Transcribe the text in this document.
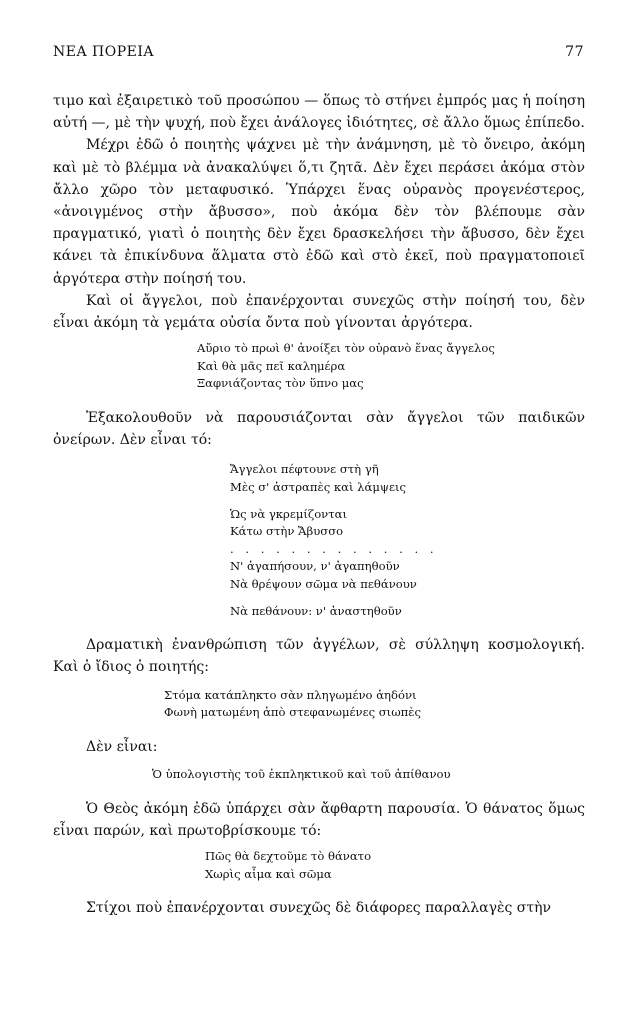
ΝΕΑ ΠΟΡΕΙΑ	77

τιμο καὶ ἐξαιρετικὸ τοῦ προσώπου — ὅπως τὸ στήνει ἐμπρός μας ἡ ποίηση αὐτή —, μὲ τὴν ψυχή, ποὺ ἔχει ἀνάλογες ἰδιότητες, σὲ ἄλλο ὅμως ἐπίπεδο.

Μέχρι ἐδῶ ὁ ποιητὴς ψάχνει μὲ τὴν ἀνάμνηση, μὲ τὸ ὄνειρο, ἀκόμη καὶ μὲ τὸ βλέμμα νὰ ἀνακαλύψει ὅ,τι ζητᾶ. Δὲν ἔχει περάσει ἀκόμα στὸν ἄλλο χῶρο τὸν μεταφυσικό. Ὑπάρχει ἕνας οὐρανὸς προγενέστερος, «ἀνοιγμένος στὴν ἄβυσσο», ποὺ ἀκόμα δὲν τὸν βλέπουμε σὰν πραγματικό, γιατὶ ὁ ποιητὴς δὲν ἔχει δρασκελήσει τὴν ἄβυσσο, δὲν ἔχει κάνει τὰ ἐπικίνδυνα ἅλματα στὸ ἐδῶ καὶ στὸ ἐκεῖ, ποὺ πραγματοποιεῖ ἀργότερα στὴν ποίησή του.

Καὶ οἱ ἄγγελοι, ποὺ ἐπανέρχονται συνεχῶς στὴν ποίησή του, δὲν εἶναι ἀκόμη τὰ γεμάτα οὐσία ὄντα ποὺ γίνονται ἀργότερα.

Αὔριο τὸ πρωὶ θ' ἀνοίξει τὸν οὐρανὸ ἕνας ἄγγελος
Καὶ θὰ μᾶς πεῖ καλημέρα
Ξαφνιάζοντας τὸν ὕπνο μας

Ἐξακολουθοῦν νὰ παρουσιάζονται σὰν ἄγγελοι τῶν παιδικῶν ὀνείρων. Δὲν εἶναι τό:

Ἄγγελοι πέφτουνε στὴ γῆ
Μὲς σ' ἀστραπὲς καὶ λάμψεις
Ὡς νὰ γκρεμίζονται
Κάτω στὴν Ἄβυσσο
. . . . . . . . . . . . . .
Ν' ἀγαπήσουν, ν' ἀγαπηθοῦν
Νὰ θρέψουν σῶμα νὰ πεθάνουν
Νὰ πεθάνουν: ν' ἀναστηθοῦν

Δραματικὴ ἐνανθρώπιση τῶν ἀγγέλων, σὲ σύλληψη κοσμολογική. Καὶ ὁ ἴδιος ὁ ποιητής:

Στόμα κατάπληκτο σὰν πληγωμένο ἀηδόνι
Φωνὴ ματωμένη ἀπὸ στεφανωμένες σιωπὲς

Δὲν εἶναι:

Ὁ ὑπολογιστὴς τοῦ ἐκπληκτικοῦ καὶ τοῦ ἀπίθανου

Ὁ Θεὸς ἀκόμη ἐδῶ ὑπάρχει σὰν ἄφθαρτη παρουσία. Ὁ θάνατος ὅμως εἶναι παρών, καὶ πρωτοβρίσκουμε τό:

Πῶς θὰ δεχτοῦμε τὸ θάνατο
Χωρὶς αἷμα καὶ σῶμα

Στίχοι ποὺ ἐπανέρχονται συνεχῶς δὲ διάφορες παραλλαγὲς στὴν
